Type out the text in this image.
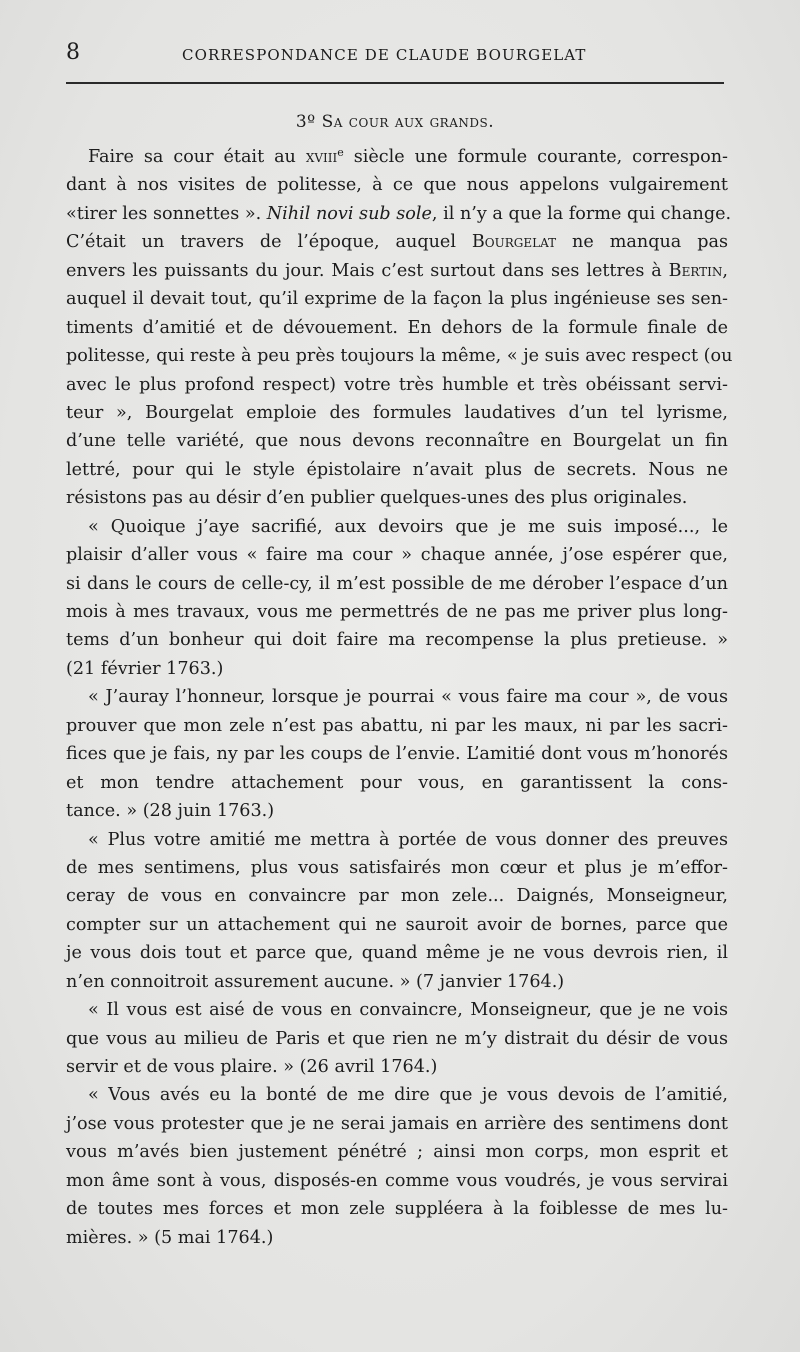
8	CORRESPONDANCE DE CLAUDE BOURGELAT
3º Sa cour aux grands.
Faire sa cour était au xviii$^e$ siècle une formule courante, correspon-
dant à nos visites de politesse, à ce que nous appelons vulgairement
«tirer les sonnettes ». Nihil novi sub sole, il n’y a que la forme qui change.
C’était un travers de l’époque, auquel Bourgelat ne manqua pas
envers les puissants du jour. Mais c’est surtout dans ses lettres à Bertin,
auquel il devait tout, qu’il exprime de la façon la plus ingénieuse ses sen-
timents d’amitié et de dévouement. En dehors de la formule finale de
politesse, qui reste à peu près toujours la même, « je suis avec respect (ou
avec le plus profond respect) votre très humble et très obéissant servi-
teur », Bourgelat emploie des formules laudatives d’un tel lyrisme,
d’une telle variété, que nous devons reconnaître en Bourgelat un fin
lettré, pour qui le style épistolaire n’avait plus de secrets. Nous ne
résistons pas au désir d’en publier quelques-unes des plus originales.
« Quoique j’aye sacrifié, aux devoirs que je me suis imposé..., le
plaisir d’aller vous « faire ma cour » chaque année, j’ose espérer que,
si dans le cours de celle-cy, il m’est possible de me dérober l’espace d’un
mois à mes travaux, vous me permettrés de ne pas me priver plus long-
tems d’un bonheur qui doit faire ma recompense la plus pretieuse. »
(21 février 1763.)
« J’auray l’honneur, lorsque je pourrai « vous faire ma cour », de vous
prouver que mon zele n’est pas abattu, ni par les maux, ni par les sacri-
fices que je fais, ny par les coups de l’envie. L’amitié dont vous m’honorés
et mon tendre attachement pour vous, en garantissent la cons-
tance. » (28 juin 1763.)
« Plus votre amitié me mettra à portée de vous donner des preuves
de mes sentimens, plus vous satisfairés mon cœur et plus je m’effor-
ceray de vous en convaincre par mon zele... Daignés, Monseigneur,
compter sur un attachement qui ne sauroit avoir de bornes, parce que
je vous dois tout et parce que, quand même je ne vous devrois rien, il
n’en connoitroit assurement aucune. » (7 janvier 1764.)
« Il vous est aisé de vous en convaincre, Monseigneur, que je ne vois
que vous au milieu de Paris et que rien ne m’y distrait du désir de vous
servir et de vous plaire. » (26 avril 1764.)
« Vous avés eu la bonté de me dire que je vous devois de l’amitié,
j’ose vous protester que je ne serai jamais en arrière des sentimens dont
vous m’avés bien justement pénétré ; ainsi mon corps, mon esprit et
mon âme sont à vous, disposés-en comme vous voudrés, je vous servirai
de toutes mes forces et mon zele suppléera à la foiblesse de mes lu-
mières. » (5 mai 1764.)
